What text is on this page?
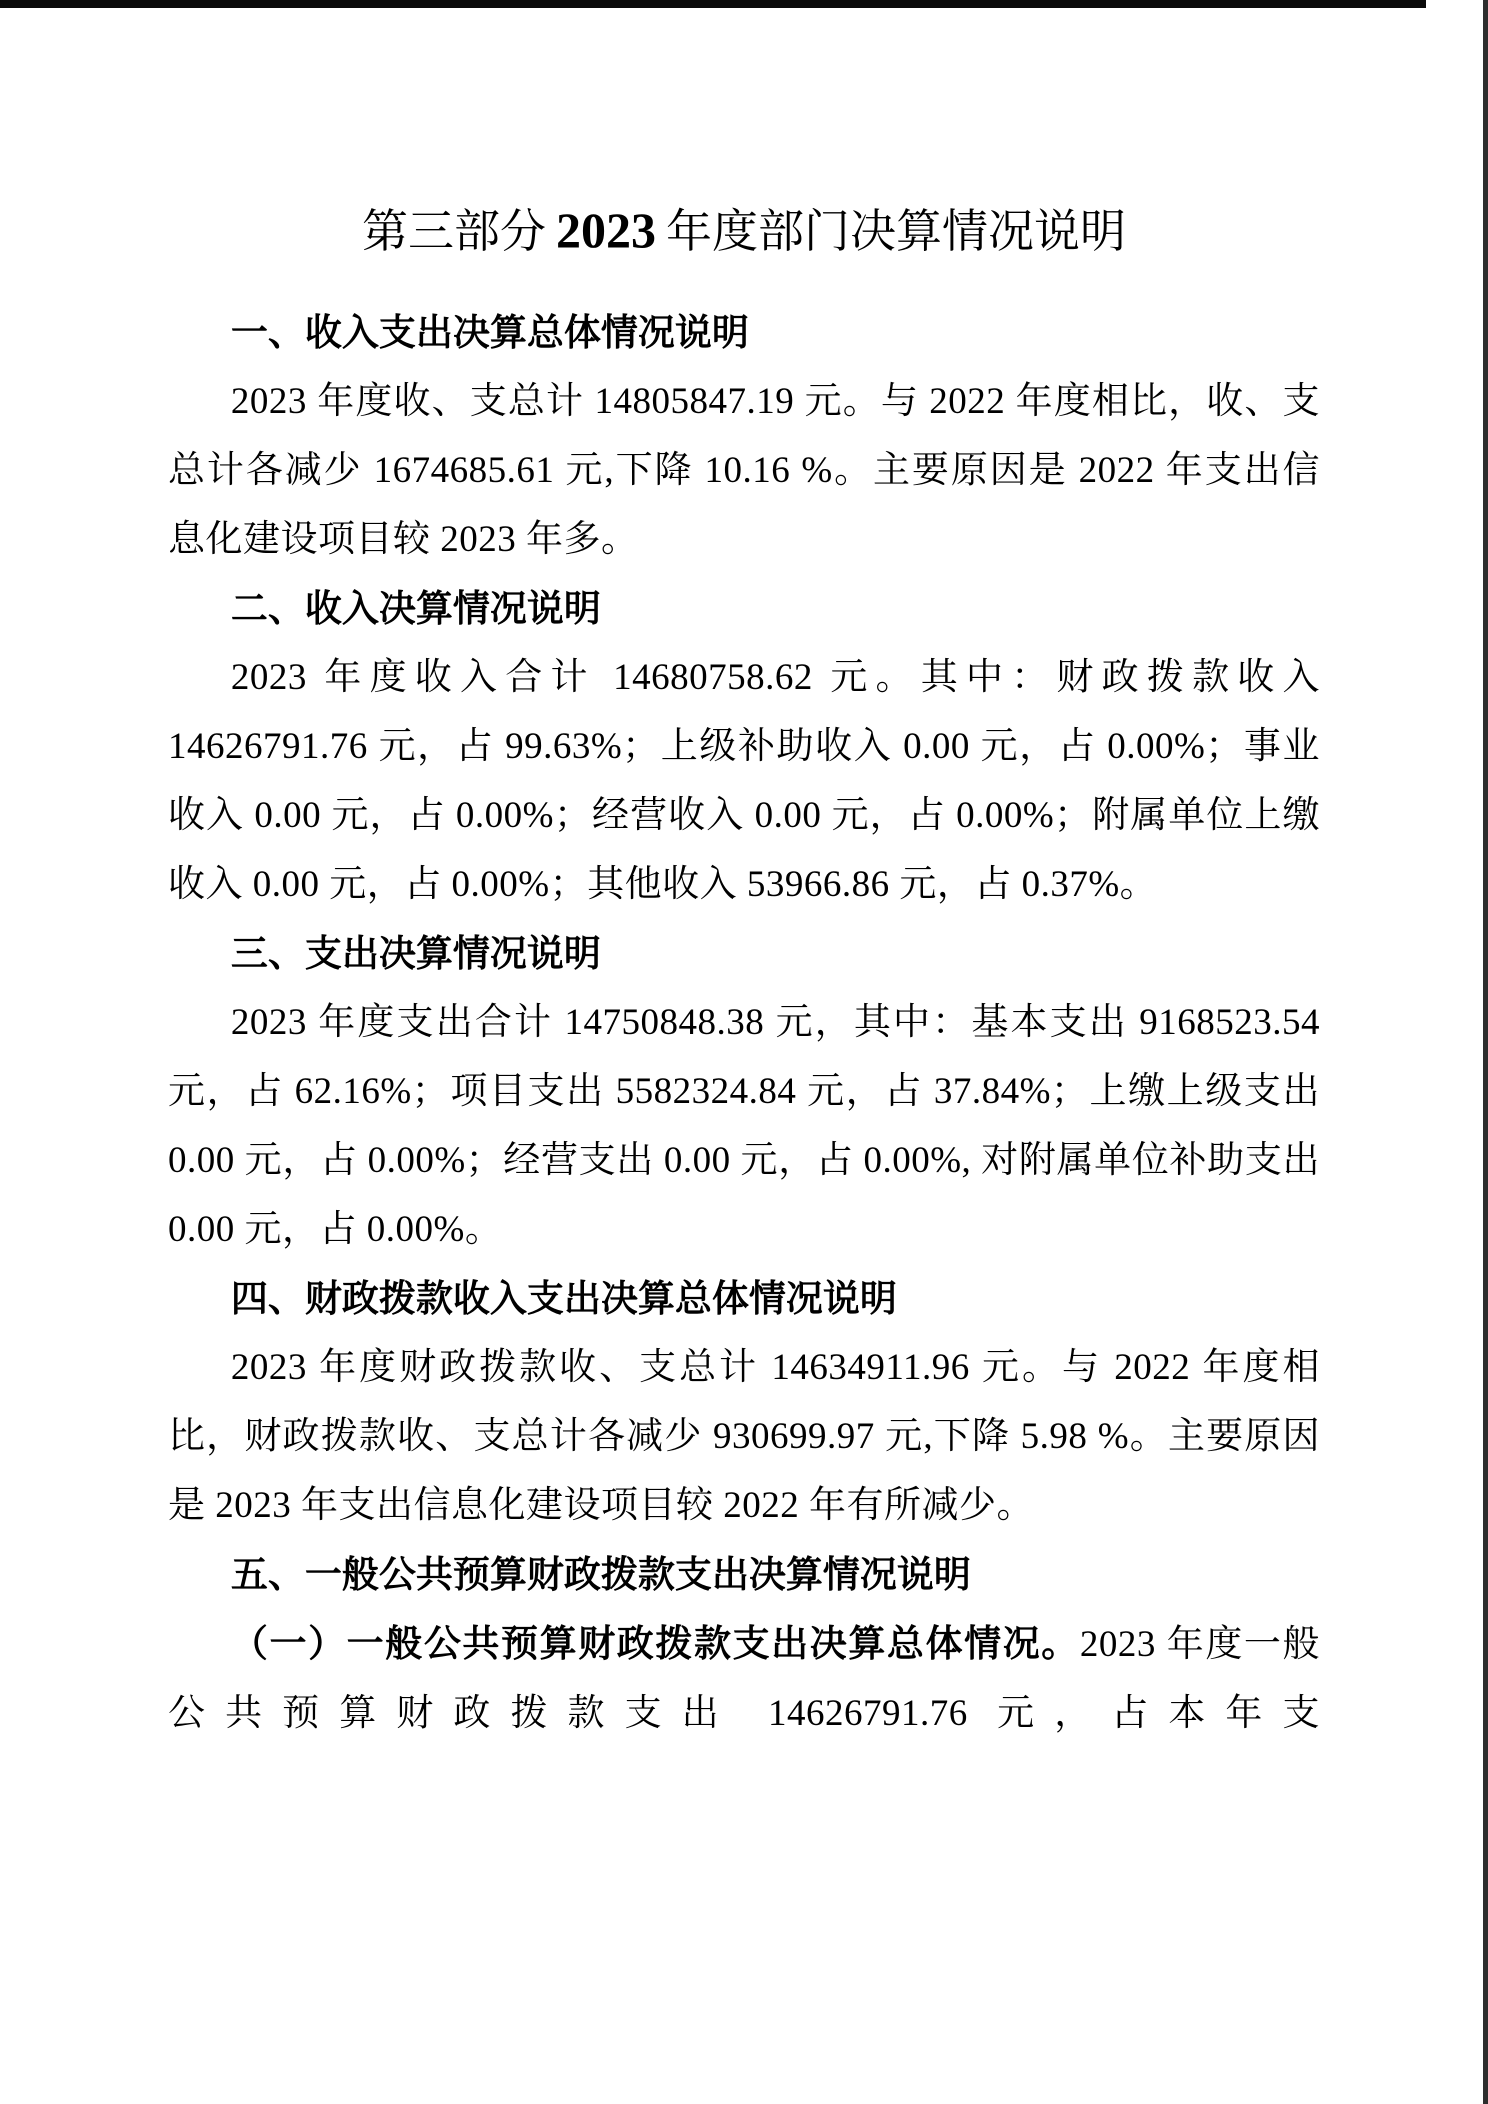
第三部分 2023 年度部门决算情况说明
一、收入支出决算总体情况说明

2023 年度收、支总计 14805847.19 元。与 2022 年度相比，收、支总计各减少 1674685.61 元,下降 10.16 %。主要原因是 2022 年支出信息化建设项目较 2023 年多。

二、收入决算情况说明

2023 年度收入合计 14680758.62 元。其中：财政拨款收入 14626791.76 元，占 99.63%；上级补助收入 0.00 元，占 0.00%；事业收入 0.00 元，占 0.00%；经营收入 0.00 元，占 0.00%；附属单位上缴收入 0.00 元，占 0.00%；其他收入 53966.86 元，占 0.37%。

三、支出决算情况说明

2023 年度支出合计 14750848.38 元，其中：基本支出 9168523.54 元，占 62.16%；项目支出 5582324.84 元，占 37.84%；上缴上级支出 0.00 元，占 0.00%；经营支出 0.00 元，占 0.00%, 对附属单位补助支出 0.00 元，占 0.00%。

四、财政拨款收入支出决算总体情况说明

2023 年度财政拨款收、支总计 14634911.96 元。与 2022 年度相比，财政拨款收、支总计各减少 930699.97 元,下降 5.98 %。主要原因是 2023 年支出信息化建设项目较 2022 年有所减少。

五、一般公共预算财政拨款支出决算情况说明

（一）一般公共预算财政拨款支出决算总体情况。2023 年度一般公共预算财政拨款支出 14626791.76 元，占本年支
